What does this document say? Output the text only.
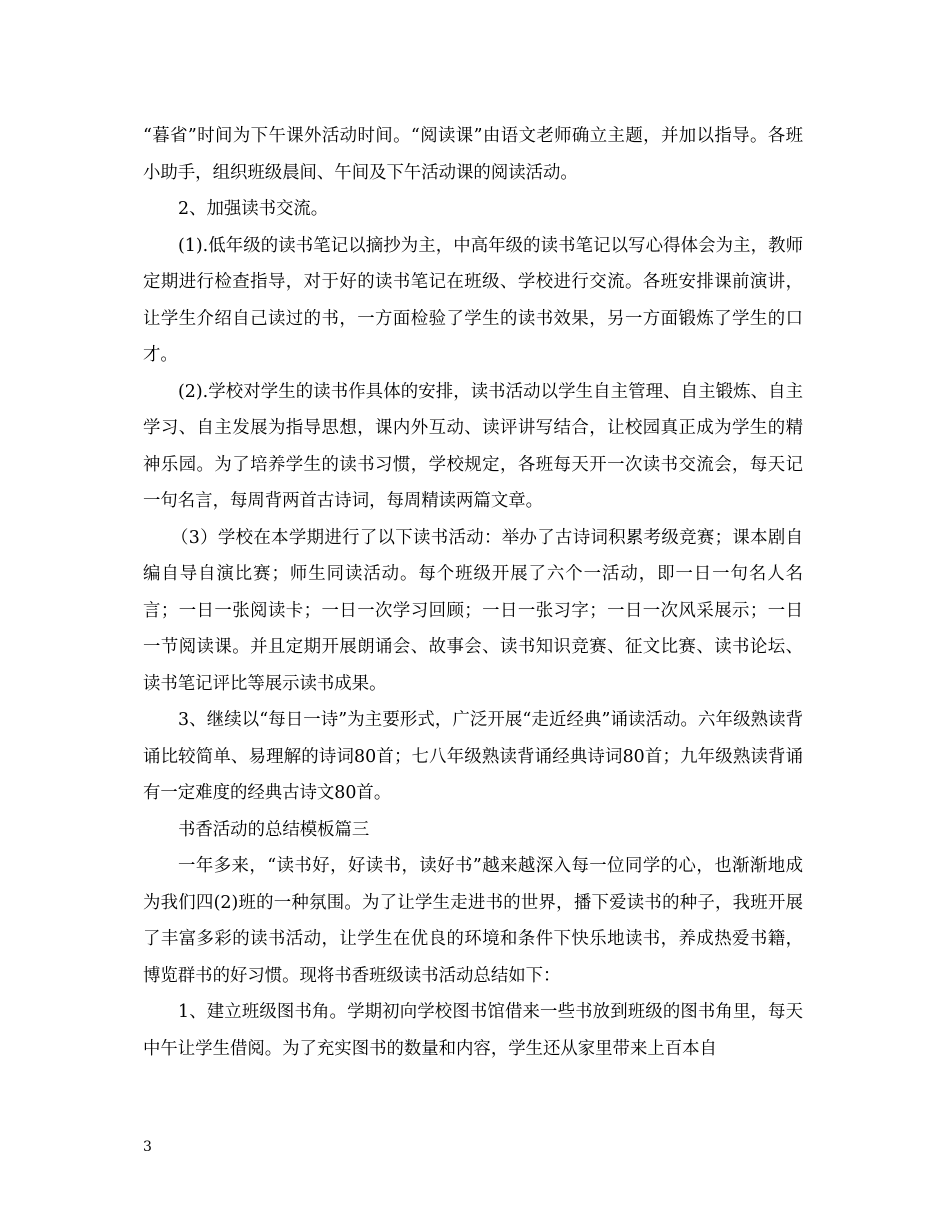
“暮省”时间为下午课外活动时间。“阅读课”由语文老师确立主题，并加以指导。各班小助手，组织班级晨间、午间及下午活动课的阅读活动。

2、加强读书交流。

(1).低年级的读书笔记以摘抄为主，中高年级的读书笔记以写心得体会为主，教师定期进行检查指导，对于好的读书笔记在班级、学校进行交流。各班安排课前演讲，让学生介绍自己读过的书，一方面检验了学生的读书效果，另一方面锻炼了学生的口才。

(2).学校对学生的读书作具体的安排，读书活动以学生自主管理、自主锻炼、自主学习、自主发展为指导思想，课内外互动、读评讲写结合，让校园真正成为学生的精神乐园。为了培养学生的读书习惯，学校规定，各班每天开一次读书交流会，每天记一句名言，每周背两首古诗词，每周精读两篇文章。

（3）学校在本学期进行了以下读书活动：举办了古诗词积累考级竞赛；课本剧自编自导自演比赛；师生同读活动。每个班级开展了六个一活动，即一日一句名人名言；一日一张阅读卡；一日一次学习回顾；一日一张习字；一日一次风采展示；一日一节阅读课。并且定期开展朗诵会、故事会、读书知识竞赛、征文比赛、读书论坛、读书笔记评比等展示读书成果。

3、继续以“每日一诗”为主要形式，广泛开展“走近经典”诵读活动。六年级熟读背诵比较简单、易理解的诗词80首；七八年级熟读背诵经典诗词80首；九年级熟读背诵有一定难度的经典古诗文80首。

书香活动的总结模板篇三

一年多来，“读书好，好读书，读好书”越来越深入每一位同学的心，也渐渐地成为我们四(2)班的一种氛围。为了让学生走进书的世界，播下爱读书的种子，我班开展了丰富多彩的读书活动，让学生在优良的环境和条件下快乐地读书，养成热爱书籍，博览群书的好习惯。现将书香班级读书活动总结如下：

1、建立班级图书角。学期初向学校图书馆借来一些书放到班级的图书角里，每天中午让学生借阅。为了充实图书的数量和内容，学生还从家里带来上百本自

3
